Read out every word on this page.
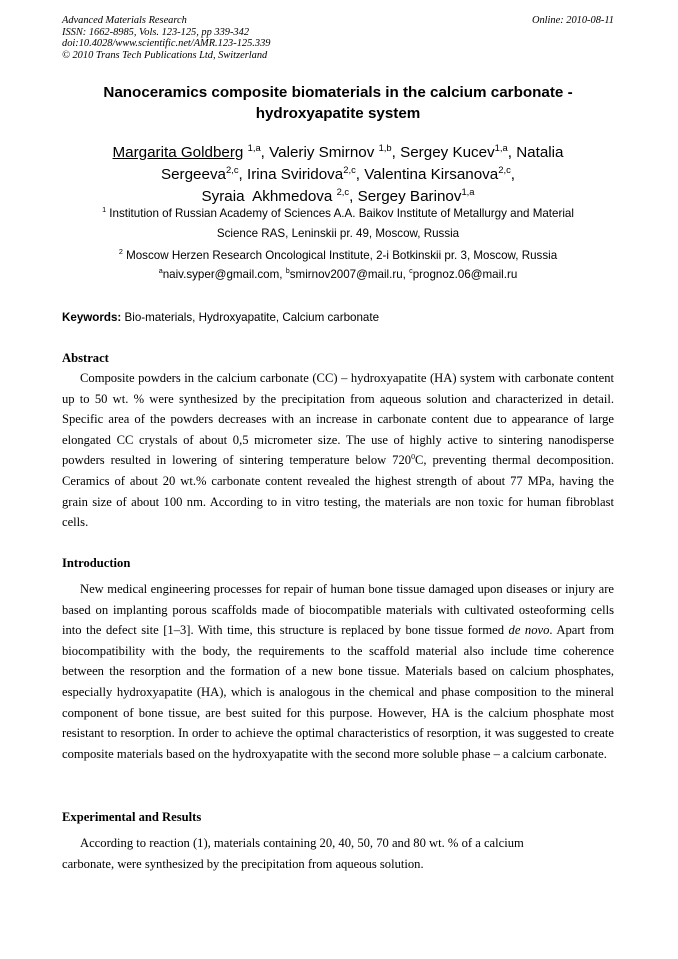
Advanced Materials Research
ISSN: 1662-8985, Vols. 123-125, pp 339-342
doi:10.4028/www.scientific.net/AMR.123-125.339
© 2010 Trans Tech Publications Ltd, Switzerland
Online: 2010-08-11
Nanoceramics composite biomaterials in the calcium carbonate -
hydroxyapatite system
Margarita Goldberg $^{1,a}$, Valeriy Smirnov $^{1,b}$, Sergey Kucev$^{1,a}$, Natalia
Sergeeva$^{2,c}$, Irina Sviridova$^{2,c}$, Valentina Kirsanova$^{2,c}$,
Syraia  Akhmedova $^{2,c}$, Sergey Barinov$^{1,a}$
$^1$ Institution of Russian Academy of Sciences A.A. Baikov Institute of Metallurgy and Material
Science RAS, Leninskii pr. 49, Moscow, Russia
$^2$ Moscow Herzen Research Oncological Institute, 2-i Botkinskii pr. 3, Moscow, Russia
$^a$naiv.syper@gmail.com, $^b$smirnov2007@mail.ru, $^c$prognoz.06@mail.ru
Keywords: Bio-materials, Hydroxyapatite, Calcium carbonate
Abstract
Composite powders in the calcium carbonate (CC) – hydroxyapatite (HA) system with carbonate content up to 50 wt. % were synthesized by the precipitation from aqueous solution and characterized in detail. Specific area of the powders decreases with an increase in carbonate content due to appearance of large elongated CC crystals of about 0,5 micrometer size. The use of highly active to sintering nanodisperse powders resulted in lowering of sintering temperature below $720^0C$, preventing thermal decomposition. Ceramics of about 20 wt.% carbonate content revealed the highest strength of about 77 MPa, having the grain size of about 100 nm. According to in vitro testing, the materials are non toxic for human fibroblast cells.
Introduction
New medical engineering processes for repair of human bone tissue damaged upon diseases or injury are based on implanting porous scaffolds made of biocompatible materials with cultivated osteoforming cells into the defect site [1–3]. With time, this structure is replaced by bone tissue formed de novo. Apart from biocompatibility with the body, the requirements to the scaffold material also include time coherence between the resorption and the formation of a new bone tissue. Materials based on calcium phosphates, especially hydroxyapatite (HA), which is analogous in the chemical and phase composition to the mineral component of bone tissue, are best suited for this purpose. However, HA is the calcium phosphate most resistant to resorption. In order to achieve the optimal characteristics of resorption, it was suggested to create composite materials based on the hydroxyapatite with the second more soluble phase – a calcium carbonate.
Experimental and Results
According to reaction (1), materials containing 20, 40, 50, 70 and 80 wt. % of a calcium
carbonate, were synthesized by the precipitation from aqueous solution.
